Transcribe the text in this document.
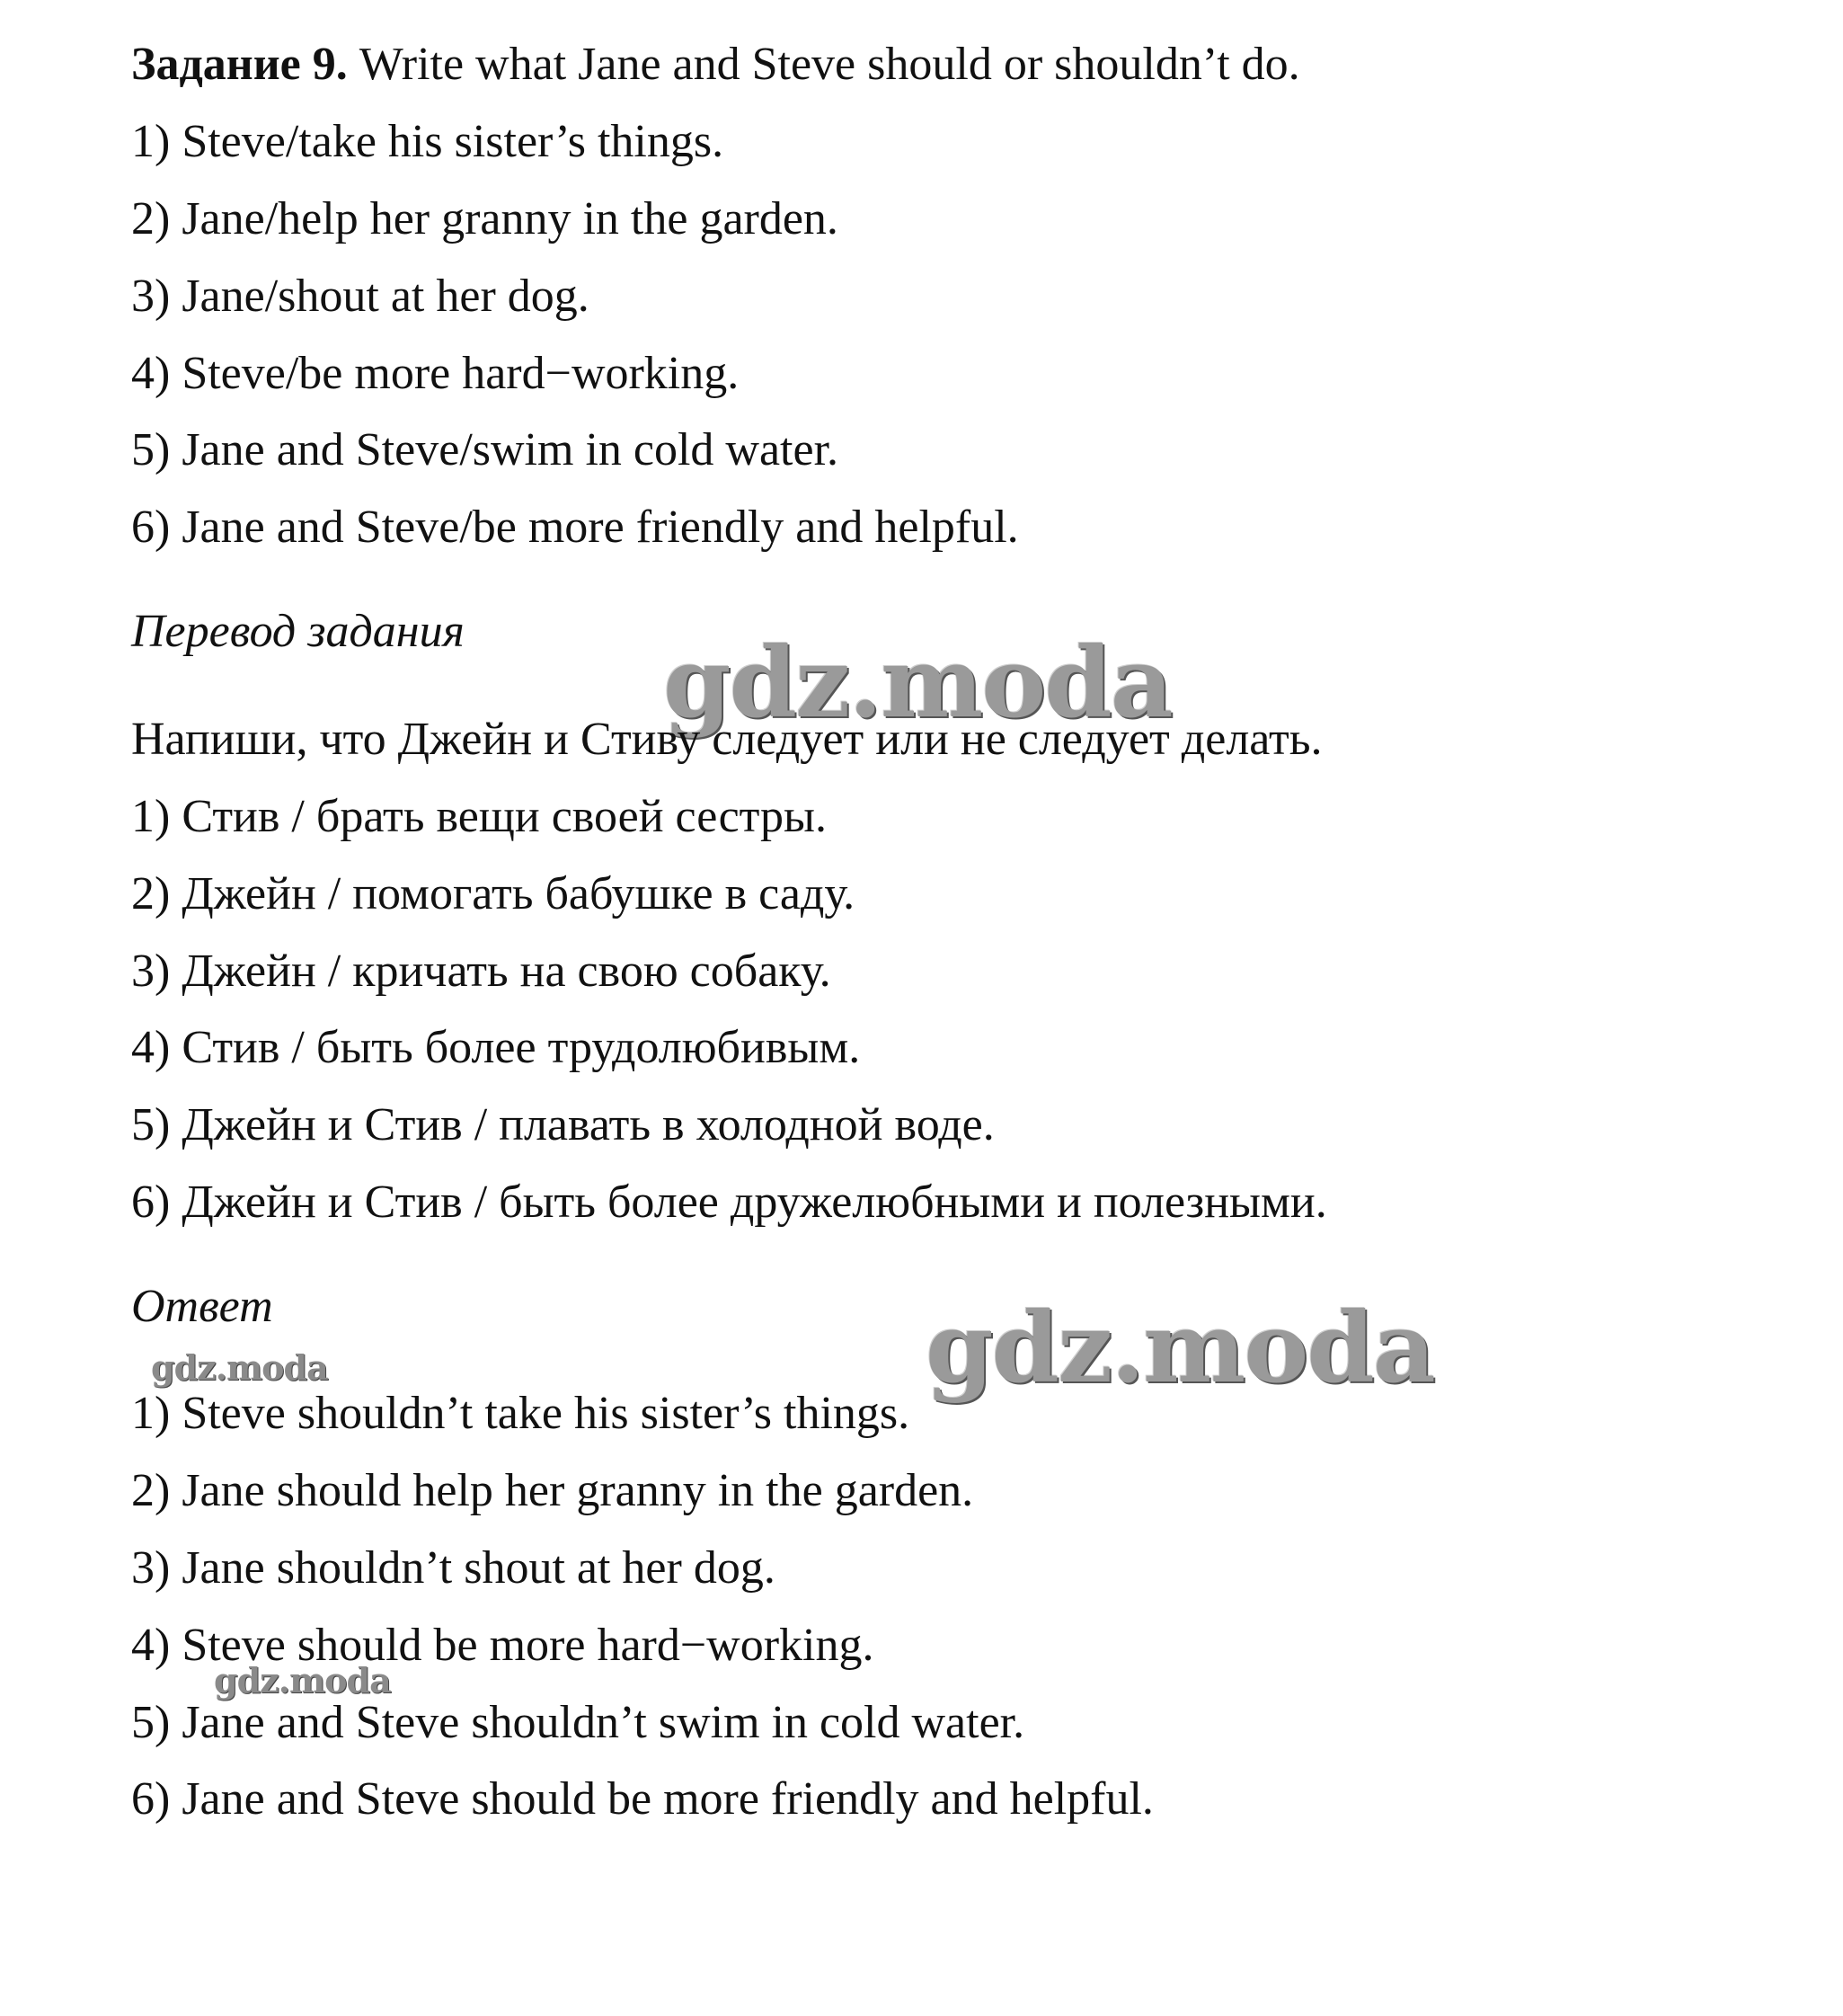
Задание 9. Write what Jane and Steve should or shouldn’t do.
1) Steve/take his sister’s things.
2) Jane/help her granny in the garden.
3) Jane/shout at her dog.
4) Steve/be more hard−working.
5) Jane and Steve/swim in cold water.
6) Jane and Steve/be more friendly and helpful.
Перевод задания gdz.moda
Напиши, что Джейн и Стиву следует или не следует делать.
1) Стив / брать вещи своей сестры.
2) Джейн / помогать бабушке в саду.
3) Джейн / кричать на свою собаку.
4) Стив / быть более трудолюбивым.
5) Джейн и Стив / плавать в холодной воде.
6) Джейн и Стив / быть более дружелюбными и полезными.
Ответ	gdz.moda
gdz.moda
1) Steve shouldn’t take his sister’s things.
2) Jane should help her granny in the garden.
3) Jane shouldn’t shout at her dog.
4) Steve should be more hard−working.
gdz.moda
5) Jane and Steve shouldn’t swim in cold water.
6) Jane and Steve should be more friendly and helpful.
